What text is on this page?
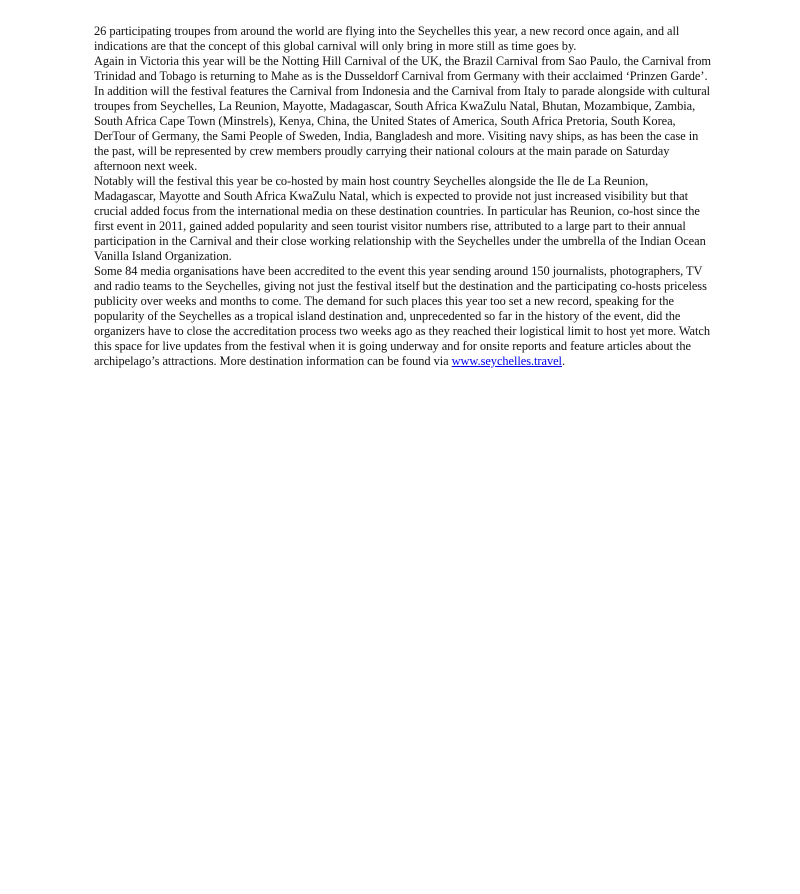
26 participating troupes from around the world are flying into the Seychelles this year, a new record once again, and all indications are that the concept of this global carnival will only bring in more still as time goes by.

Again in Victoria this year will be the Notting Hill Carnival of the UK, the Brazil Carnival from Sao Paulo, the Carnival from Trinidad and Tobago is returning to Mahe as is the Dusseldorf Carnival from Germany with their acclaimed ‘Prinzen Garde’. In addition will the festival features the Carnival from Indonesia and the Carnival from Italy to parade alongside with cultural troupes from Seychelles, La Reunion, Mayotte, Madagascar, South Africa KwaZulu Natal, Bhutan, Mozambique, Zambia, South Africa Cape Town (Minstrels), Kenya, China, the United States of America, South Africa Pretoria, South Korea, DerTour of Germany, the Sami People of Sweden, India, Bangladesh and more. Visiting navy ships, as has been the case in the past, will be represented by crew members proudly carrying their national colours at the main parade on Saturday afternoon next week.

Notably will the festival this year be co-hosted by main host country Seychelles alongside the Ile de La Reunion, Madagascar, Mayotte and South Africa KwaZulu Natal, which is expected to provide not just increased visibility but that crucial added focus from the international media on these destination countries. In particular has Reunion, co-host since the first event in 2011, gained added popularity and seen tourist visitor numbers rise, attributed to a large part to their annual participation in the Carnival and their close working relationship with the Seychelles under the umbrella of the Indian Ocean Vanilla Island Organization.

Some 84 media organisations have been accredited to the event this year sending around 150 journalists, photographers, TV and radio teams to the Seychelles, giving not just the festival itself but the destination and the participating co-hosts priceless publicity over weeks and months to come. The demand for such places this year too set a new record, speaking for the popularity of the Seychelles as a tropical island destination and, unprecedented so far in the history of the event, did the organizers have to close the accreditation process two weeks ago as they reached their logistical limit to host yet more. Watch this space for live updates from the festival when it is going underway and for onsite reports and feature articles about the archipelago’s attractions. More destination information can be found via www.seychelles.travel.
